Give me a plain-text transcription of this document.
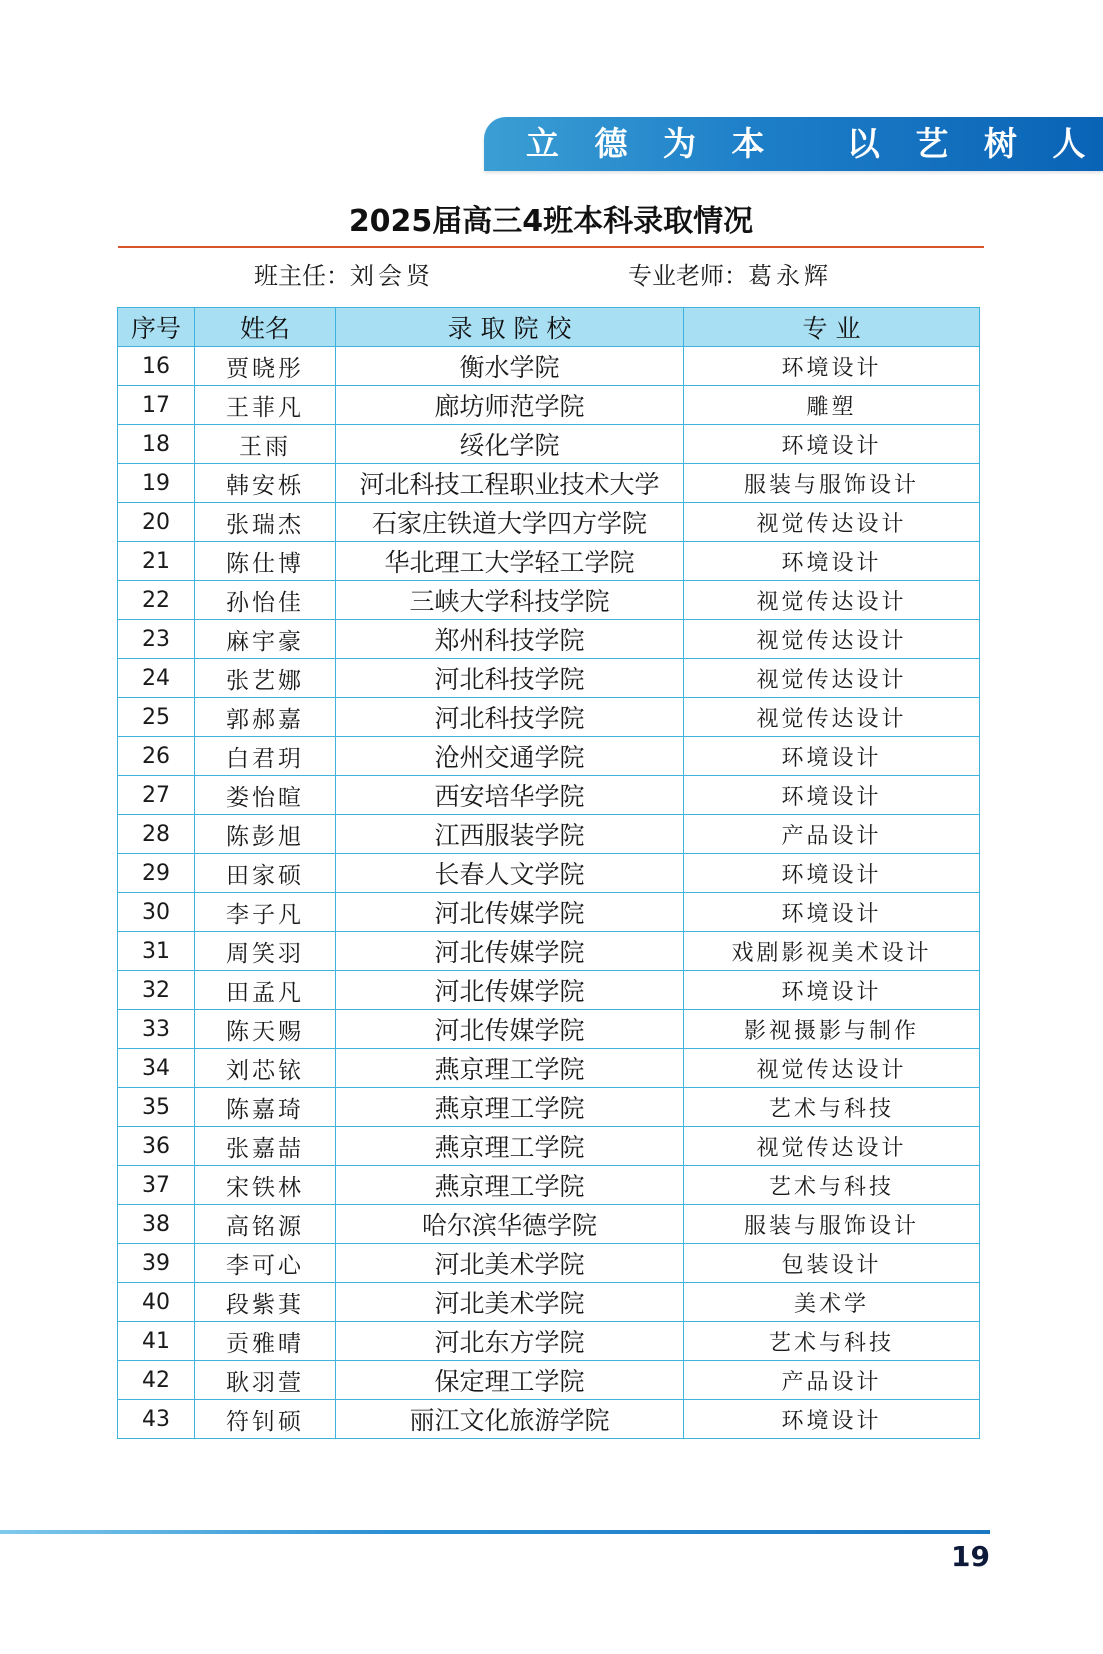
立 德 为 本   以 艺 树 人
2025届高三4班本科录取情况
班主任：刘会贤	专业老师：葛永辉
序号	姓名	录 取 院 校	专 业
16	贾晓彤	衡水学院	环境设计
17	王菲凡	廊坊师范学院	雕塑
18	王雨	绥化学院	环境设计
19	韩安栎	河北科技工程职业技术大学	服装与服饰设计
20	张瑞杰	石家庄铁道大学四方学院	视觉传达设计
21	陈仕博	华北理工大学轻工学院	环境设计
22	孙怡佳	三峡大学科技学院	视觉传达设计
23	麻宇豪	郑州科技学院	视觉传达设计
24	张艺娜	河北科技学院	视觉传达设计
25	郭郝嘉	河北科技学院	视觉传达设计
26	白君玥	沧州交通学院	环境设计
27	娄怡暄	西安培华学院	环境设计
28	陈彭旭	江西服装学院	产品设计
29	田家硕	长春人文学院	环境设计
30	李子凡	河北传媒学院	环境设计
31	周笑羽	河北传媒学院	戏剧影视美术设计
32	田孟凡	河北传媒学院	环境设计
33	陈天赐	河北传媒学院	影视摄影与制作
34	刘芯铱	燕京理工学院	视觉传达设计
35	陈嘉琦	燕京理工学院	艺术与科技
36	张嘉喆	燕京理工学院	视觉传达设计
37	宋铁林	燕京理工学院	艺术与科技
38	高铭源	哈尔滨华德学院	服装与服饰设计
39	李可心	河北美术学院	包装设计
40	段紫萁	河北美术学院	美术学
41	贡雅晴	河北东方学院	艺术与科技
42	耿羽萱	保定理工学院	产品设计
43	符钊硕	丽江文化旅游学院	环境设计
19
